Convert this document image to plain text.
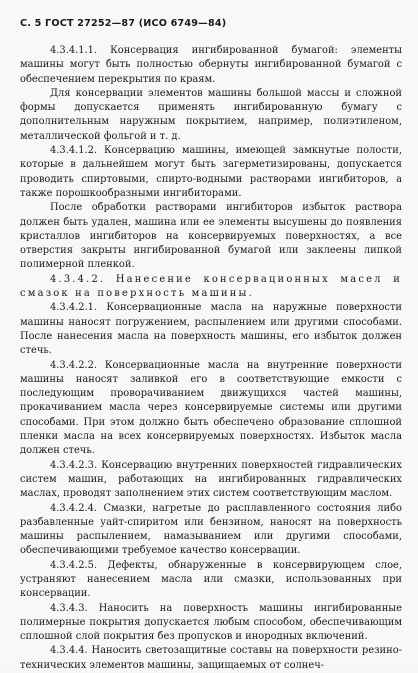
С. 5 ГОСТ 27252—87 (ИСО 6749—84)

4.3.4.1.1. Консервация ингибированной бумагой: элементы машины могут быть полностью обернуты ингибированной бумагой с обеспечением перекрытия по краям.

Для консервации элементов машины большой массы и сложной формы допускается применять ингибированную бумагу с дополнительным наружным покрытием, например, полиэтиленом, металлической фольгой и т. д.

4.3.4.1.2. Консервацию машины, имеющей замкнутые полости, которые в дальнейшем могут быть загерметизированы, допускается проводить спиртовыми, спирто-водными растворами ингибиторов, а также порошкообразными ингибиторами.

После обработки растворами ингибиторов избыток раствора должен быть удален, машина или ее элементы высушены до появления кристаллов ингибиторов на консервируемых поверхностях, а все отверстия закрыты ингибированной бумагой или заклеены липкой полимерной пленкой.

4.3.4.2. Нанесение консервационных масел и смазок на поверхность машины.

4.3.4.2.1. Консервационные масла на наружные поверхности машины наносят погружением, распылением или другими способами. После нанесения масла на поверхность машины, его избыток должен стечь.

4.3.4.2.2. Консервационные масла на внутренние поверхности машины наносят заливкой его в соответствующие емкости с последующим проворачиванием движущихся частей машины, прокачиванием масла через консервируемые системы или другими способами. При этом должно быть обеспечено образование сплошной пленки масла на всех консервируемых поверхностях. Избыток масла должен стечь.

4.3.4.2.3. Консервацию внутренних поверхностей гидравлических систем машин, работающих на ингибированных гидравлических маслах, проводят заполнением этих систем соответствующим маслом.

4.3.4.2.4. Смазки, нагретые до расплавленного состояния либо разбавленные уайт-спиритом или бензином, наносят на поверхность машины распылением, намазыванием или другими способами, обеспечивающими требуемое качество консервации.

4.3.4.2.5. Дефекты, обнаруженные в консервирующем слое, устраняют нанесением масла или смазки, использованных при консервации.

4.3.4.3. Наносить на поверхность машины ингибированные полимерные покрытия допускается любым способом, обеспечивающим сплошной слой покрытия без пропусков и инородных включений.

4.3.4.4. Наносить светозащитные составы на поверхности резино-технических элементов машины, защищаемых от солнеч-
